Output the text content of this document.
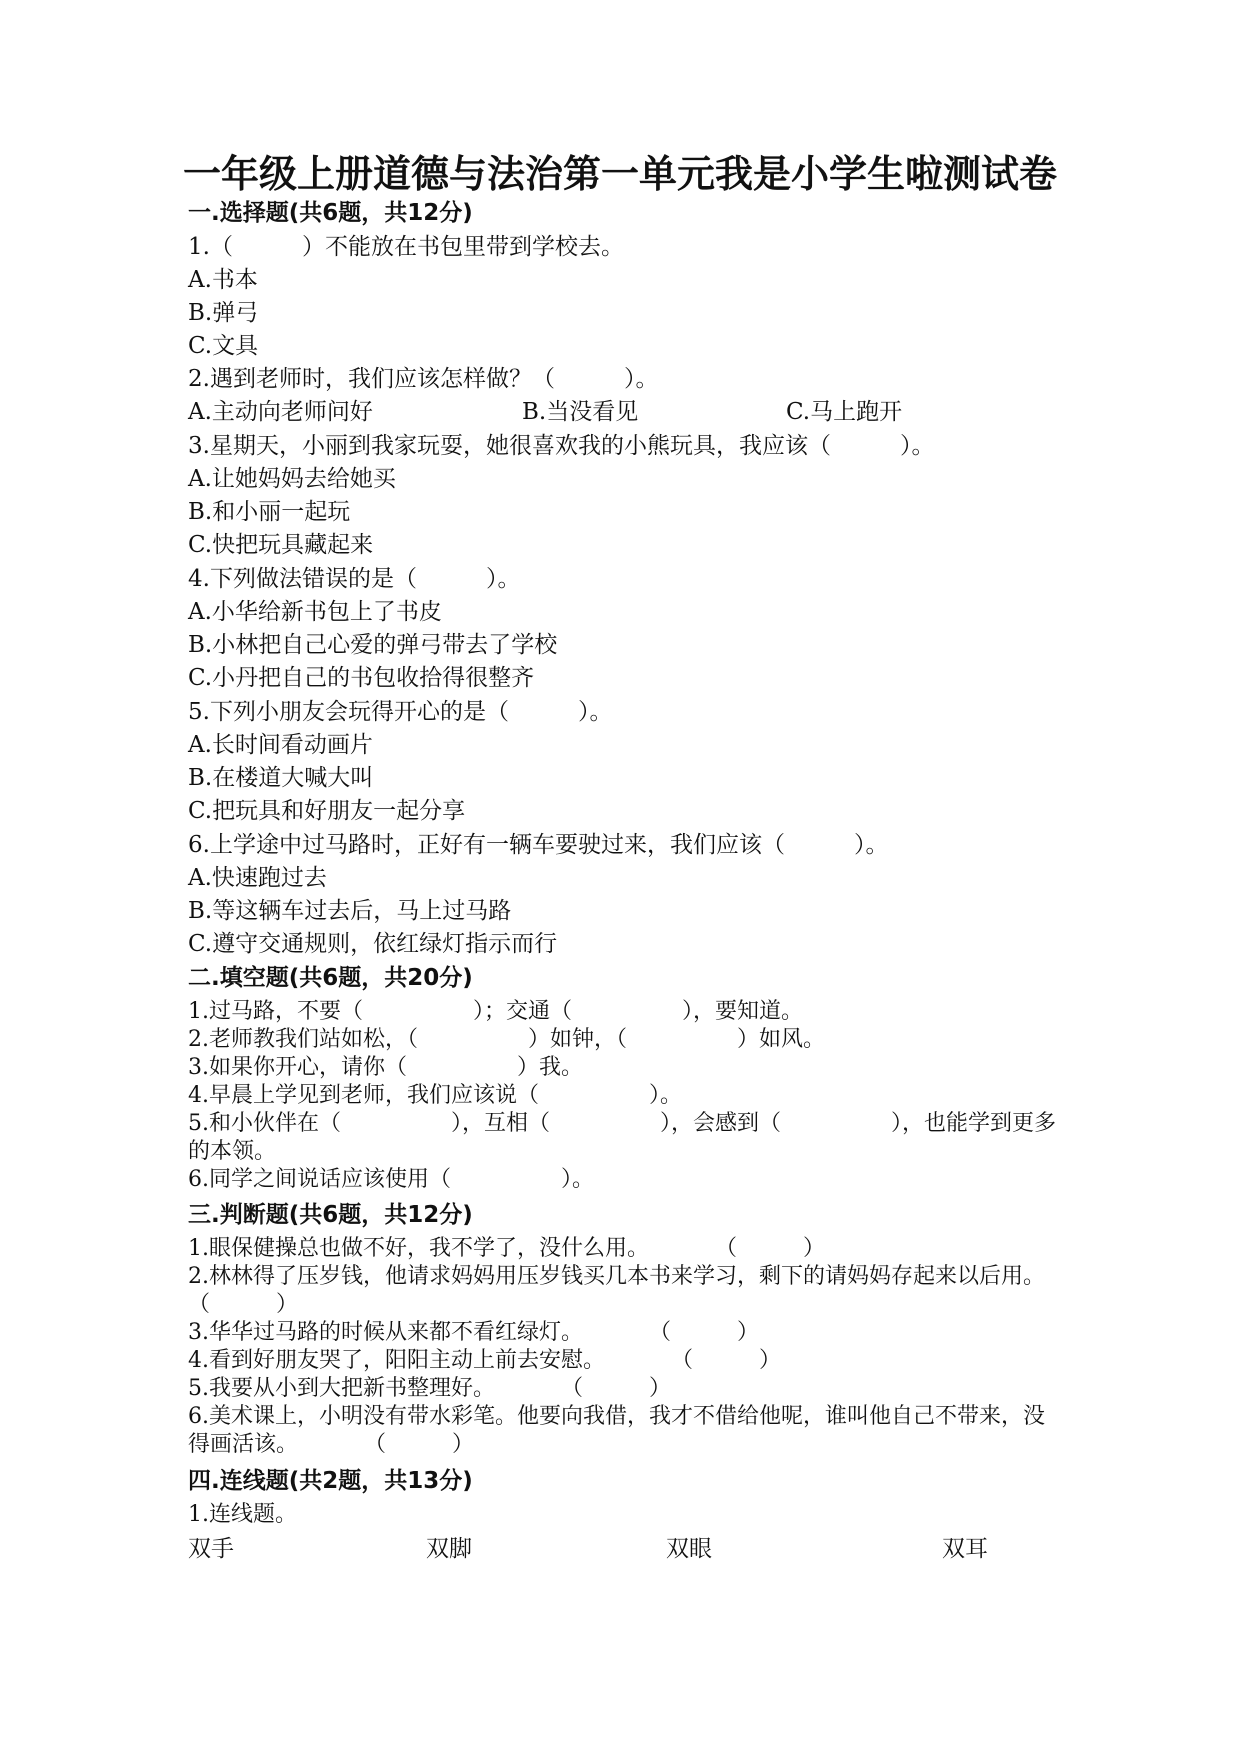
一年级上册道德与法治第一单元我是小学生啦测试卷
一.选择题(共6题，共12分)
1.（　　　）不能放在书包里带到学校去。
A.书本
B.弹弓
C.文具
2.遇到老师时，我们应该怎样做？（　　　）。
A.主动向老师问好	B.当没看见	C.马上跑开
3.星期天，小丽到我家玩耍，她很喜欢我的小熊玩具，我应该（　　　）。
A.让她妈妈去给她买
B.和小丽一起玩
C.快把玩具藏起来
4.下列做法错误的是（　　　）。
A.小华给新书包上了书皮
B.小林把自己心爱的弹弓带去了学校
C.小丹把自己的书包收拾得很整齐
5.下列小朋友会玩得开心的是（　　　）。
A.长时间看动画片
B.在楼道大喊大叫
C.把玩具和好朋友一起分享
6.上学途中过马路时，正好有一辆车要驶过来，我们应该（　　　）。
A.快速跑过去
B.等这辆车过去后，马上过马路
C.遵守交通规则，依红绿灯指示而行
二.填空题(共6题，共20分)
1.过马路，不要（　　　　　）；交通（　　　　　），要知道。
2.老师教我们站如松，（　　　　　）如钟，（　　　　　）如风。
3.如果你开心，请你（　　　　　）我。
4.早晨上学见到老师，我们应该说（　　　　　）。
5.和小伙伴在（　　　　　），互相（　　　　　），会感到（　　　　　），也能学到更多的本领。
6.同学之间说话应该使用（　　　　　）。
三.判断题(共6题，共12分)
1.眼保健操总也做不好，我不学了，没什么用。　　　　（　　　）
2.林林得了压岁钱，他请求妈妈用压岁钱买几本书来学习，剩下的请妈妈存起来以后用。（　　　）
3.华华过马路的时候从来都不看红绿灯。　　　　（　　　）
4.看到好朋友哭了，阳阳主动上前去安慰。　　　　（　　　）
5.我要从小到大把新书整理好。　　　　（　　　）
6.美术课上，小明没有带水彩笔。他要向我借，我才不借给他呢，谁叫他自己不带来，没得画活该。　　　　（　　　）
四.连线题(共2题，共13分)
1.连线题。
双手	双脚	双眼	双耳
